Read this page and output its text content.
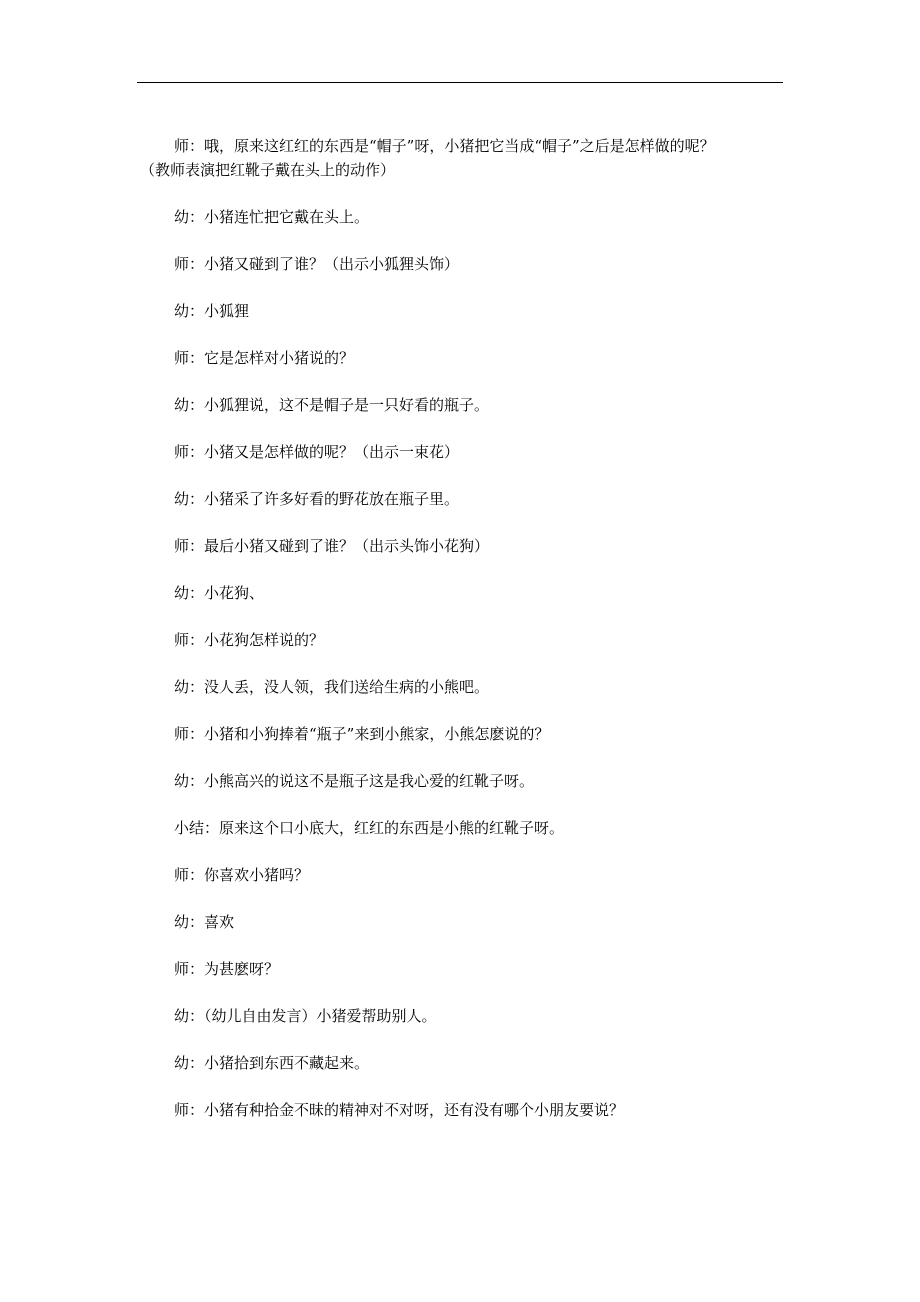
师：哦，原来这红红的东西是“帽子”呀，小猪把它当成“帽子”之后是怎样做的呢？
（教师表演把红靴子戴在头上的动作）

幼：小猪连忙把它戴在头上。

师：小猪又碰到了谁？（出示小狐狸头饰）

幼：小狐狸

师：它是怎样对小猪说的？

幼：小狐狸说，这不是帽子是一只好看的瓶子。

师：小猪又是怎样做的呢？（出示一束花）

幼：小猪采了许多好看的野花放在瓶子里。

师：最后小猪又碰到了谁？（出示头饰小花狗）

幼：小花狗、

师：小花狗怎样说的？

幼：没人丢，没人领，我们送给生病的小熊吧。

师：小猪和小狗捧着“瓶子”来到小熊家，小熊怎麽说的？

幼：小熊高兴的说这不是瓶子这是我心爱的红靴子呀。

小结：原来这个口小底大，红红的东西是小熊的红靴子呀。

师：你喜欢小猪吗？

幼：喜欢

师：为甚麽呀？

幼：（幼儿自由发言）小猪爱帮助别人。

幼：小猪拾到东西不藏起来。

师：小猪有种拾金不昧的精神对不对呀，还有没有哪个小朋友要说？
